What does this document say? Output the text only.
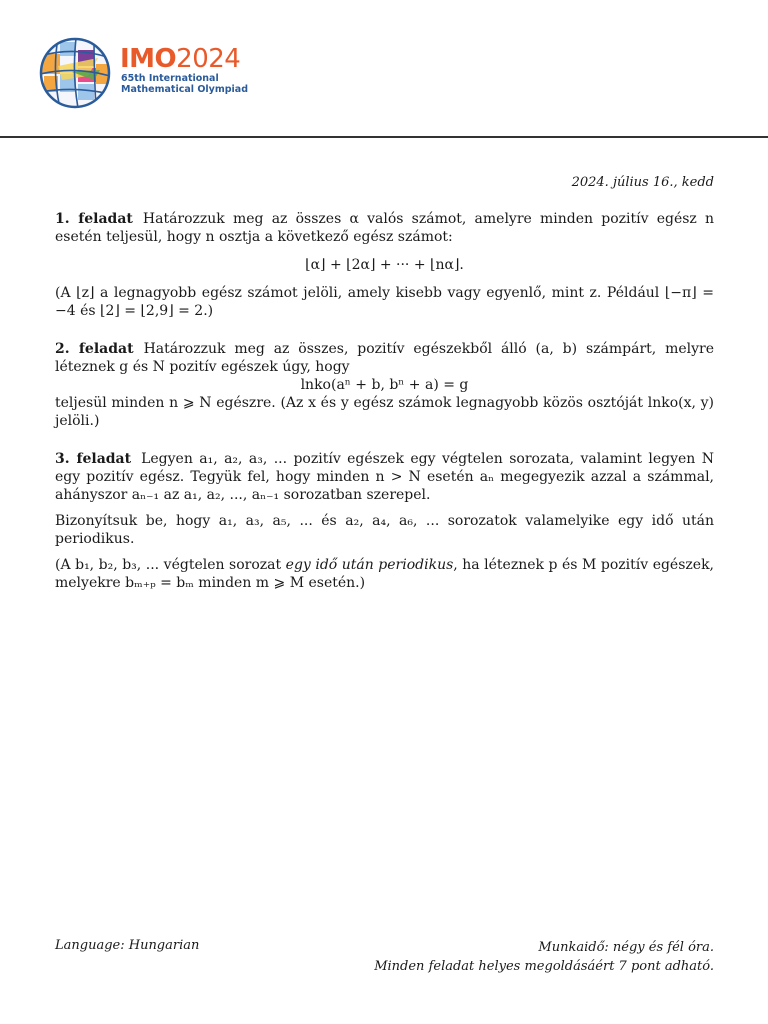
IMO2024
65th International
Mathematical Olympiad
2024. július 16., kedd

1. feladat Határozzuk meg az összes α valós számot, amelyre minden pozitív egész n esetén teljesül, hogy n osztja a következő egész számot:

⌊α⌋ + ⌊2α⌋ + ··· + ⌊nα⌋.

(A ⌊z⌋ a legnagyobb egész számot jelöli, amely kisebb vagy egyenlő, mint z. Például ⌊−π⌋ = −4 és ⌊2⌋ = ⌊2,9⌋ = 2.)

2. feladat Határozzuk meg az összes, pozitív egészekből álló (a, b) számpárt, melyre léteznek g és N pozitív egészek úgy, hogy

lnko(aⁿ + b, bⁿ + a) = g

teljesül minden n ⩾ N egészre. (Az x és y egész számok legnagyobb közös osztóját lnko(x, y) jelöli.)

3. feladat Legyen a₁, a₂, a₃, ... pozitív egészek egy végtelen sorozata, valamint legyen N egy pozitív egész. Tegyük fel, hogy minden n > N esetén aₙ megegyezik azzal a számmal, ahányszor aₙ₋₁ az a₁, a₂, ..., aₙ₋₁ sorozatban szerepel.

Bizonyítsuk be, hogy a₁, a₃, a₅, ... és a₂, a₄, a₆, ... sorozatok valamelyike egy idő után periodikus.

(A b₁, b₂, b₃, ... végtelen sorozat egy idő után periodikus, ha léteznek p és M pozitív egészek, melyekre bₘ₊ₚ = bₘ minden m ⩾ M esetén.)

Language: Hungarian	Munkaidő: négy és fél óra.
Minden feladat helyes megoldásáért 7 pont adható.
